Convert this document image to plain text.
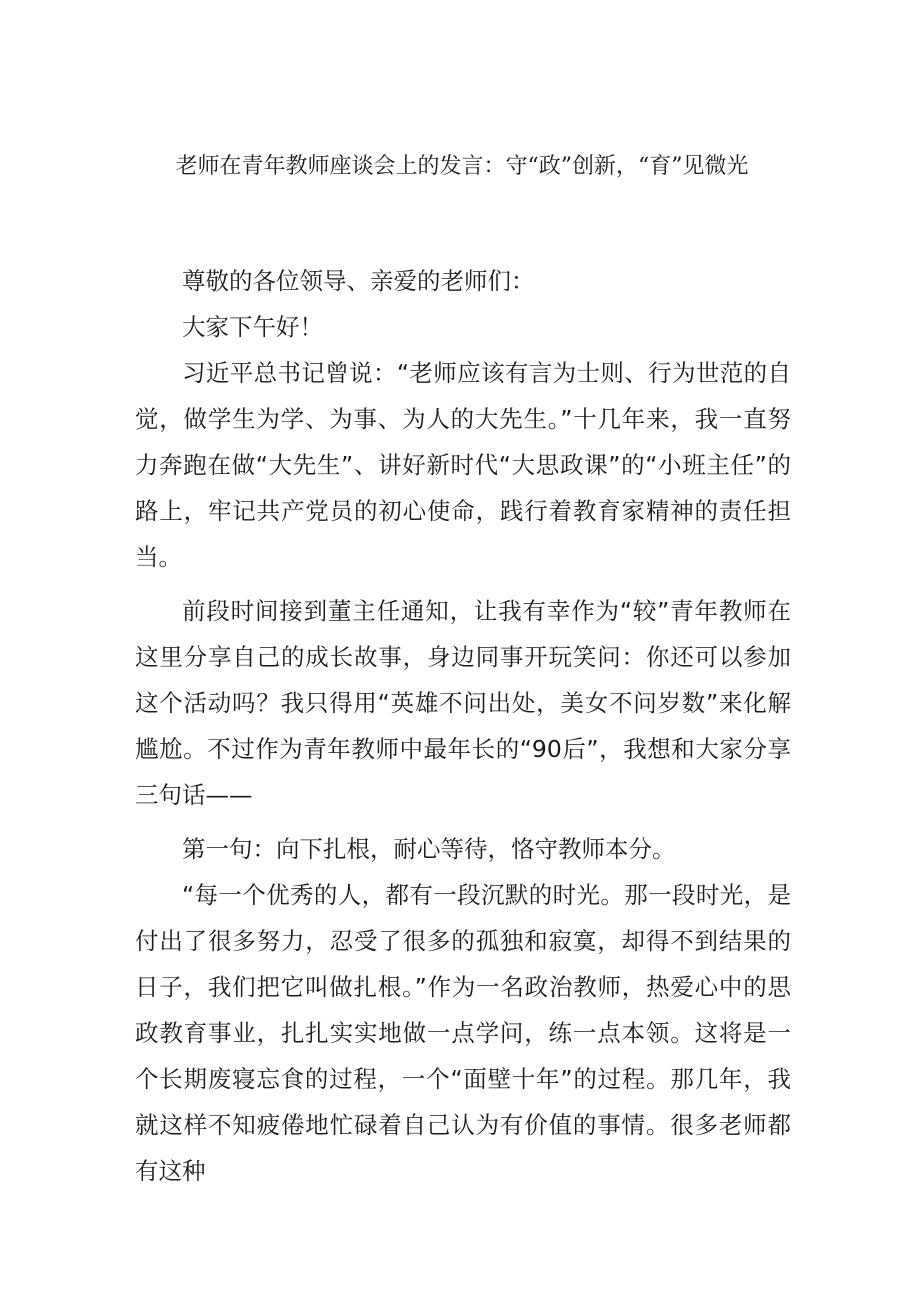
老师在青年教师座谈会上的发言：守“政”创新，“育”见微光

尊敬的各位领导、亲爱的老师们：

大家下午好！

习近平总书记曾说：“老师应该有言为士则、行为世范的自觉，做学生为学、为事、为人的大先生。”十几年来，我一直努力奔跑在做“大先生”、讲好新时代“大思政课”的“小班主任”的路上，牢记共产党员的初心使命，践行着教育家精神的责任担当。

前段时间接到董主任通知，让我有幸作为“较”青年教师在这里分享自己的成长故事，身边同事开玩笑问：你还可以参加这个活动吗？我只得用“英雄不问出处，美女不问岁数”来化解尴尬。不过作为青年教师中最年长的“90后”，我想和大家分享三句话——

第一句：向下扎根，耐心等待，恪守教师本分。

“每一个优秀的人，都有一段沉默的时光。那一段时光，是付出了很多努力，忍受了很多的孤独和寂寞，却得不到结果的日子，我们把它叫做扎根。”作为一名政治教师，热爱心中的思政教育事业，扎扎实实地做一点学问，练一点本领。这将是一个长期废寝忘食的过程，一个“面壁十年”的过程。那几年，我就这样不知疲倦地忙碌着自己认为有价值的事情。很多老师都有这种
